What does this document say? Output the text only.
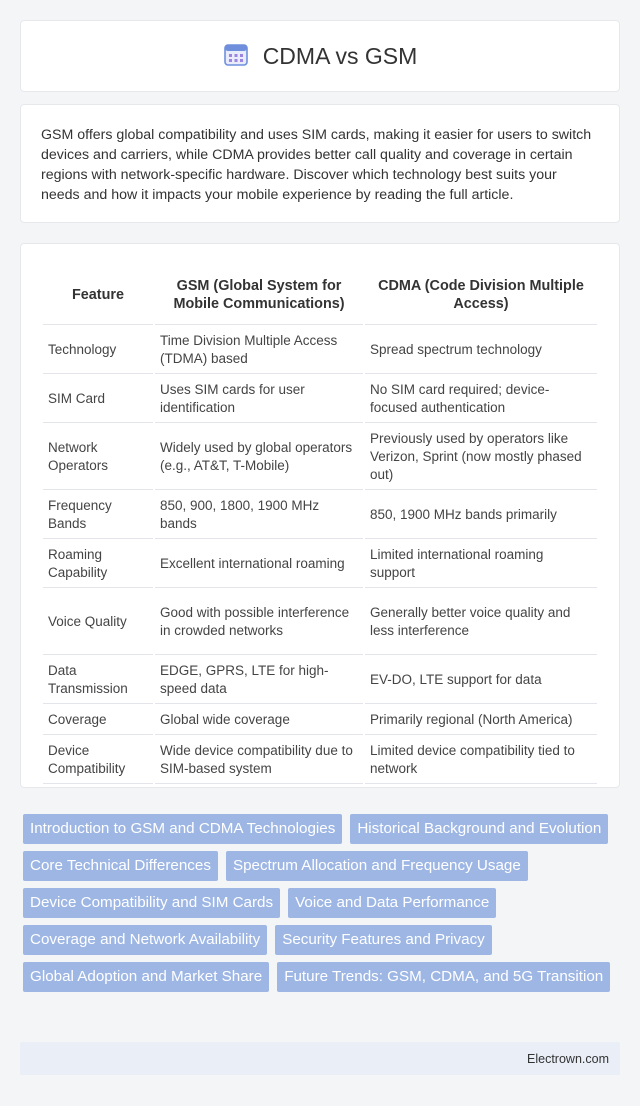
CDMA vs GSM

GSM offers global compatibility and uses SIM cards, making it easier for users to switch devices and carriers, while CDMA provides better call quality and coverage in certain regions with network-specific hardware. Discover which technology best suits your needs and how it impacts your mobile experience by reading the full article.

Feature	GSM (Global System for Mobile Communications)	CDMA (Code Division Multiple Access)
Technology	Time Division Multiple Access (TDMA) based	Spread spectrum technology
SIM Card	Uses SIM cards for user identification	No SIM card required; device-focused authentication
Network Operators	Widely used by global operators (e.g., AT&T, T-Mobile)	Previously used by operators like Verizon, Sprint (now mostly phased out)
Frequency Bands	850, 900, 1800, 1900 MHz bands	850, 1900 MHz bands primarily
Roaming Capability	Excellent international roaming	Limited international roaming support
Voice Quality	Good with possible interference in crowded networks	Generally better voice quality and less interference
Data Transmission	EDGE, GPRS, LTE for high-speed data	EV-DO, LTE support for data
Coverage	Global wide coverage	Primarily regional (North America)
Device Compatibility	Wide device compatibility due to SIM-based system	Limited device compatibility tied to network
Introduction to GSM and CDMA Technologies	Historical Background and Evolution
Core Technical Differences	Spectrum Allocation and Frequency Usage
Device Compatibility and SIM Cards	Voice and Data Performance
Coverage and Network Availability	Security Features and Privacy
Global Adoption and Market Share	Future Trends: GSM, CDMA, and 5G Transition
Electrown.com
